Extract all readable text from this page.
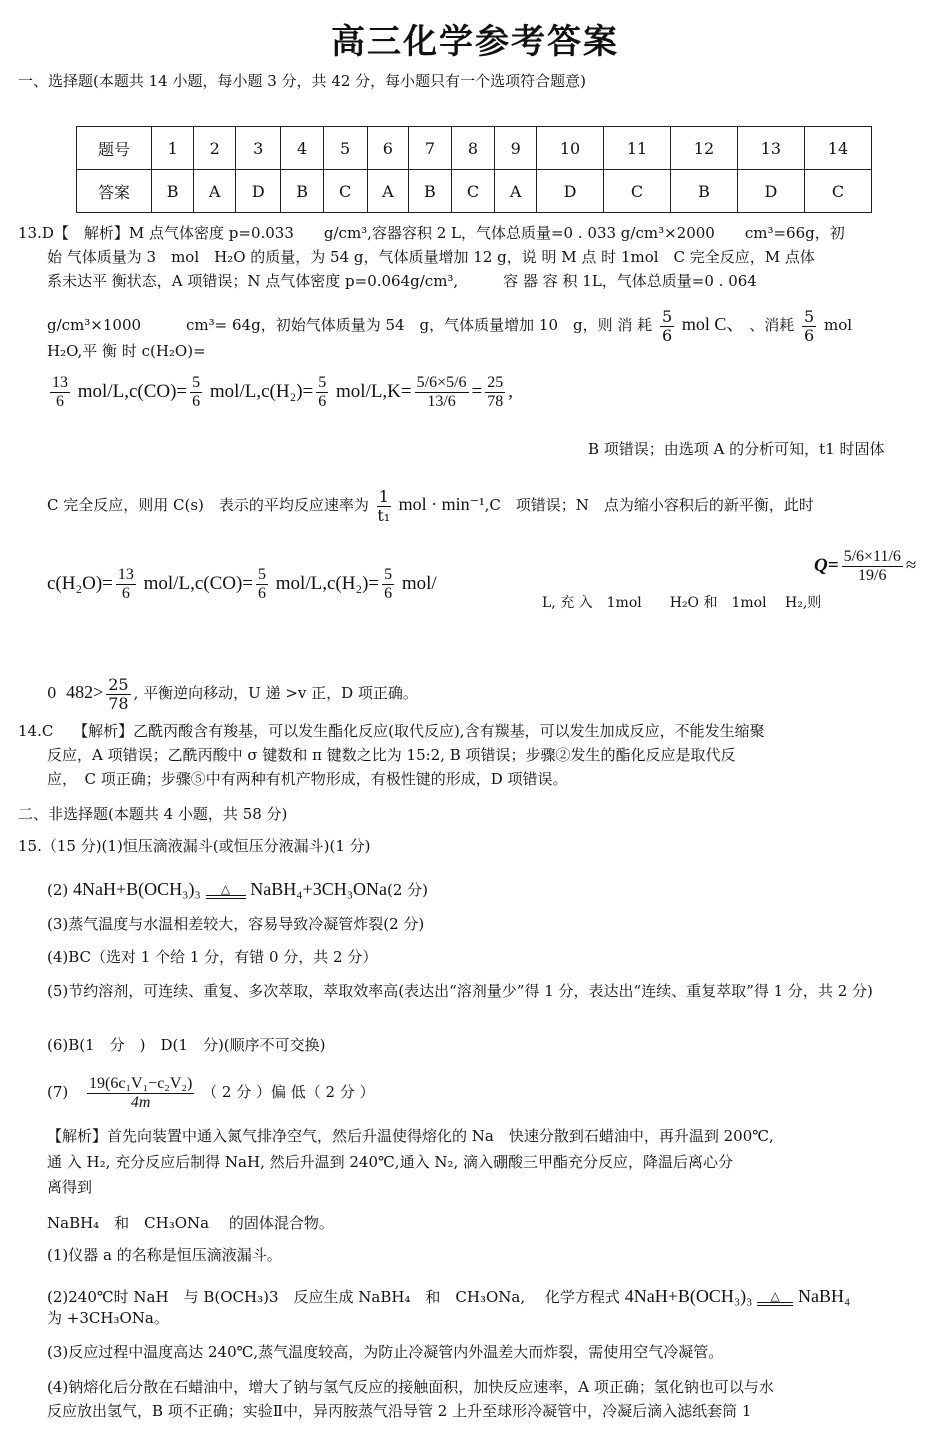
高三化学参考答案
一、选择题(本题共 14 小题，每小题 3 分，共 42 分，每小题只有一个选项符合题意)
题号	1	2	3	4	5	6	7	8	9	10	11	12	13	14
答案	B	A	D	B	C	A	B	C	A	D	C	B	D	C
13.D【　解析】M 点气体密度 p=0.033　　g/cm³,容器容积 2 L，气体总质量=0 . 033 g/cm³×2000　　cm³=66g，初
始 气体质量为 3　mol　H₂O 的质量，为 54 g，气体质量增加 12 g，说 明 M 点 时 1mol　C 完全反应，M 点体
系未达平 衡状态，A 项错误；N 点气体密度 p=0.064g/cm³,　　　容 器 容 积 1L，气体总质量=0 . 064
g/cm³×1000　　　cm³= 64g，初始气体质量为 54　g，气体质量增加 10　g，则 消 耗 $\frac{5}{6}$ mol C、 、消耗 $\frac{5}{6}$ mol
H₂O,平 衡 时 c(H₂O)=
$\frac{13}{6} mol/L,c(CO)= \frac{5}{6} mol/L,c(H_2)= \frac{5}{6} mol/L,K= \frac{5/6\times 5/6}{13/6} = \frac{25}{78}$ ,
B 项错误；由选项 A 的分析可知，t1 时固体
C 完全反应，则用 C(s)　表示的平均反应速率为 $\frac{1}{\text{t₁}}$ mol · min⁻¹,C　项错误；N　点为缩小容积后的新平衡，此时
$c(H_2O)= \frac{13}{6} mol/L,c(CO)= \frac{5}{6} mol/L,c(H_2)= \frac{5}{6} mol/$
L, 充 入　1mol　　H₂O 和　1mol　 H₂,则
$Q= \frac{5/6\times 11/6}{19/6}$ ≈
0 $482> \frac{25}{78}$ , 平衡逆向移动，U 递 >v 正，D 项正确。
14.C　 【解析】乙酰丙酸含有羧基，可以发生酯化反应(取代反应),含有羰基，可以发生加成反应，不能发生缩聚
反应，A 项错误；乙酰丙酸中 σ 键数和 π 键数之比为 15:2, B 项错误；步骤②发生的酯化反应是取代反
应，　C 项正确；步骤⑤中有两种有机产物形成，有极性键的形成，D 项错误。
二、非选择题(本题共 4 小题，共 58 分)
15.（15 分)(1)恒压滴液漏斗(或恒压分液漏斗)(1 分)
(2) 4NaH+B(OCH₃)₃	△	NaBH₄+3CH₃ONa(2 分)
(3)蒸气温度与水温相差较大，容易导致冷凝管炸裂(2 分)
(4)BC（选对 1 个给 1 分，有错 0 分，共 2 分）
(5)节约溶剂，可连续、重复、多次萃取，萃取效率高(表达出“溶剂量少”得 1 分，表达出“连续、重复萃取”得 1 分，共 2 分)
(6)B(1　分　)　D(1　分)(顺序不可交换)
$(7) \frac{\text{19(6c₁V₁−c₂V₂)}}{4m}$ （ 2 分 ）偏 低（ 2 分 ）
【解析】首先向装置中通入氮气排净空气，然后升温使得熔化的 Na　快速分散到石蜡油中，再升温到 200℃,
通 入 H₂, 充分反应后制得 NaH, 然后升温到 240℃,通入 N₂, 滴入硼酸三甲酯充分反应，降温后离心分
离得到
NaBH₄　和　CH₃ONa　 的固体混合物。
(1)仪器 a 的名称是恒压滴液漏斗。
(2)240℃时 NaH　与 B(OCH₃)3　反应生成 NaBH₄　和　CH₃ONa,　 化学方程式 4NaH+B(OCH₃)₃	△	NaBH₄
为 +3CH₃ONa。
(3)反应过程中温度高达 240℃,蒸气温度较高，为防止冷凝管内外温差大而炸裂，需使用空气冷凝管。
(4)钠熔化后分散在石蜡油中，增大了钠与氢气反应的接触面积，加快反应速率，A 项正确；氢化钠也可以与水
反应放出氢气，B 项不正确；实验Ⅱ中，异丙胺蒸气沿导管 2 上升至球形冷凝管中，冷凝后滴入滤纸套筒 1
